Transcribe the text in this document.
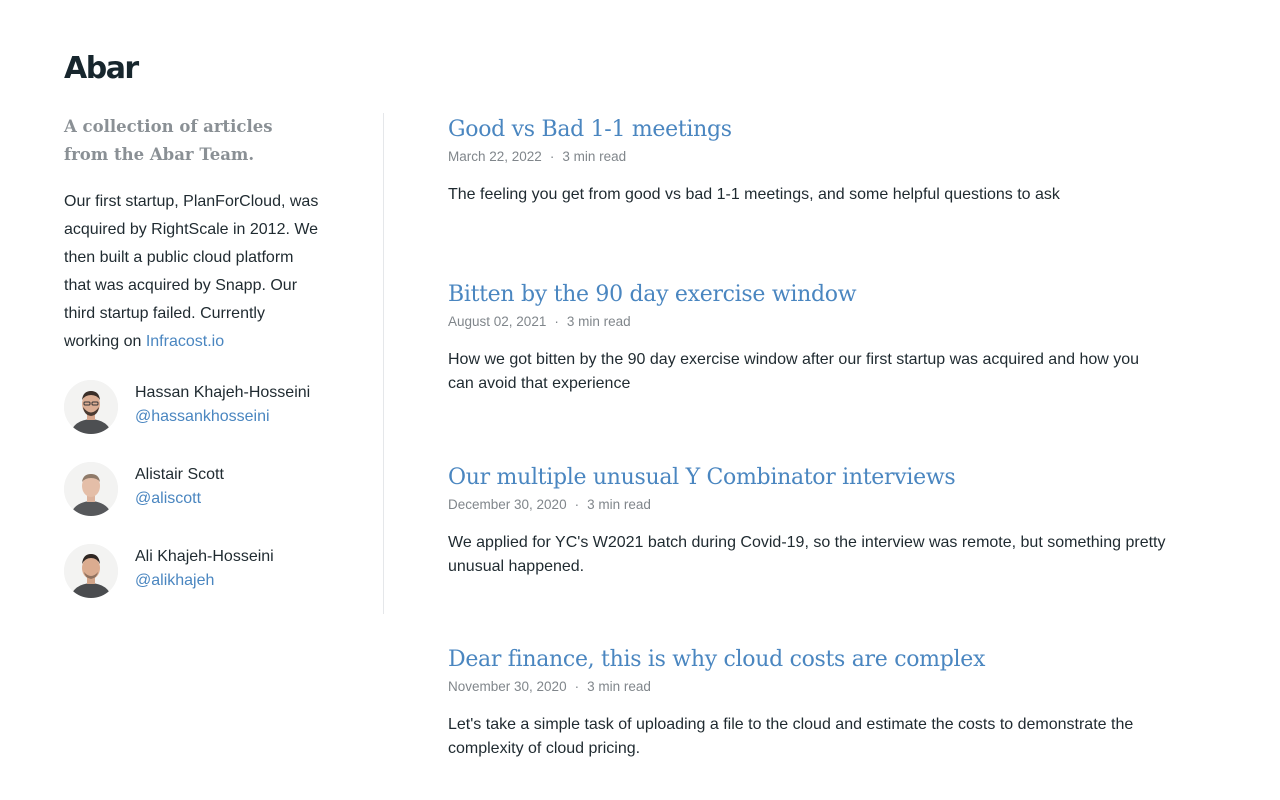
Abar

A collection of articles
from the Abar Team.

Our first startup, PlanForCloud, was acquired by RightScale in 2012. We then built a public cloud platform that was acquired by Snapp. Our third startup failed. Currently working on Infracost.io

Hassan Khajeh-Hosseini
@hassankhosseini
Alistair Scott
@aliscott
Ali Khajeh-Hosseini
@alikhajeh
Good vs Bad 1-1 meetings
March 22, 2022 · 3 min read

The feeling you get from good vs bad 1-1 meetings, and some helpful questions to ask

Bitten by the 90 day exercise window
August 02, 2021 · 3 min read

How we got bitten by the 90 day exercise window after our first startup was acquired and how you can avoid that experience

Our multiple unusual Y Combinator interviews
December 30, 2020 · 3 min read

We applied for YC's W2021 batch during Covid-19, so the interview was remote, but something pretty unusual happened.

Dear finance, this is why cloud costs are complex
November 30, 2020 · 3 min read

Let's take a simple task of uploading a file to the cloud and estimate the costs to demonstrate the complexity of cloud pricing.
